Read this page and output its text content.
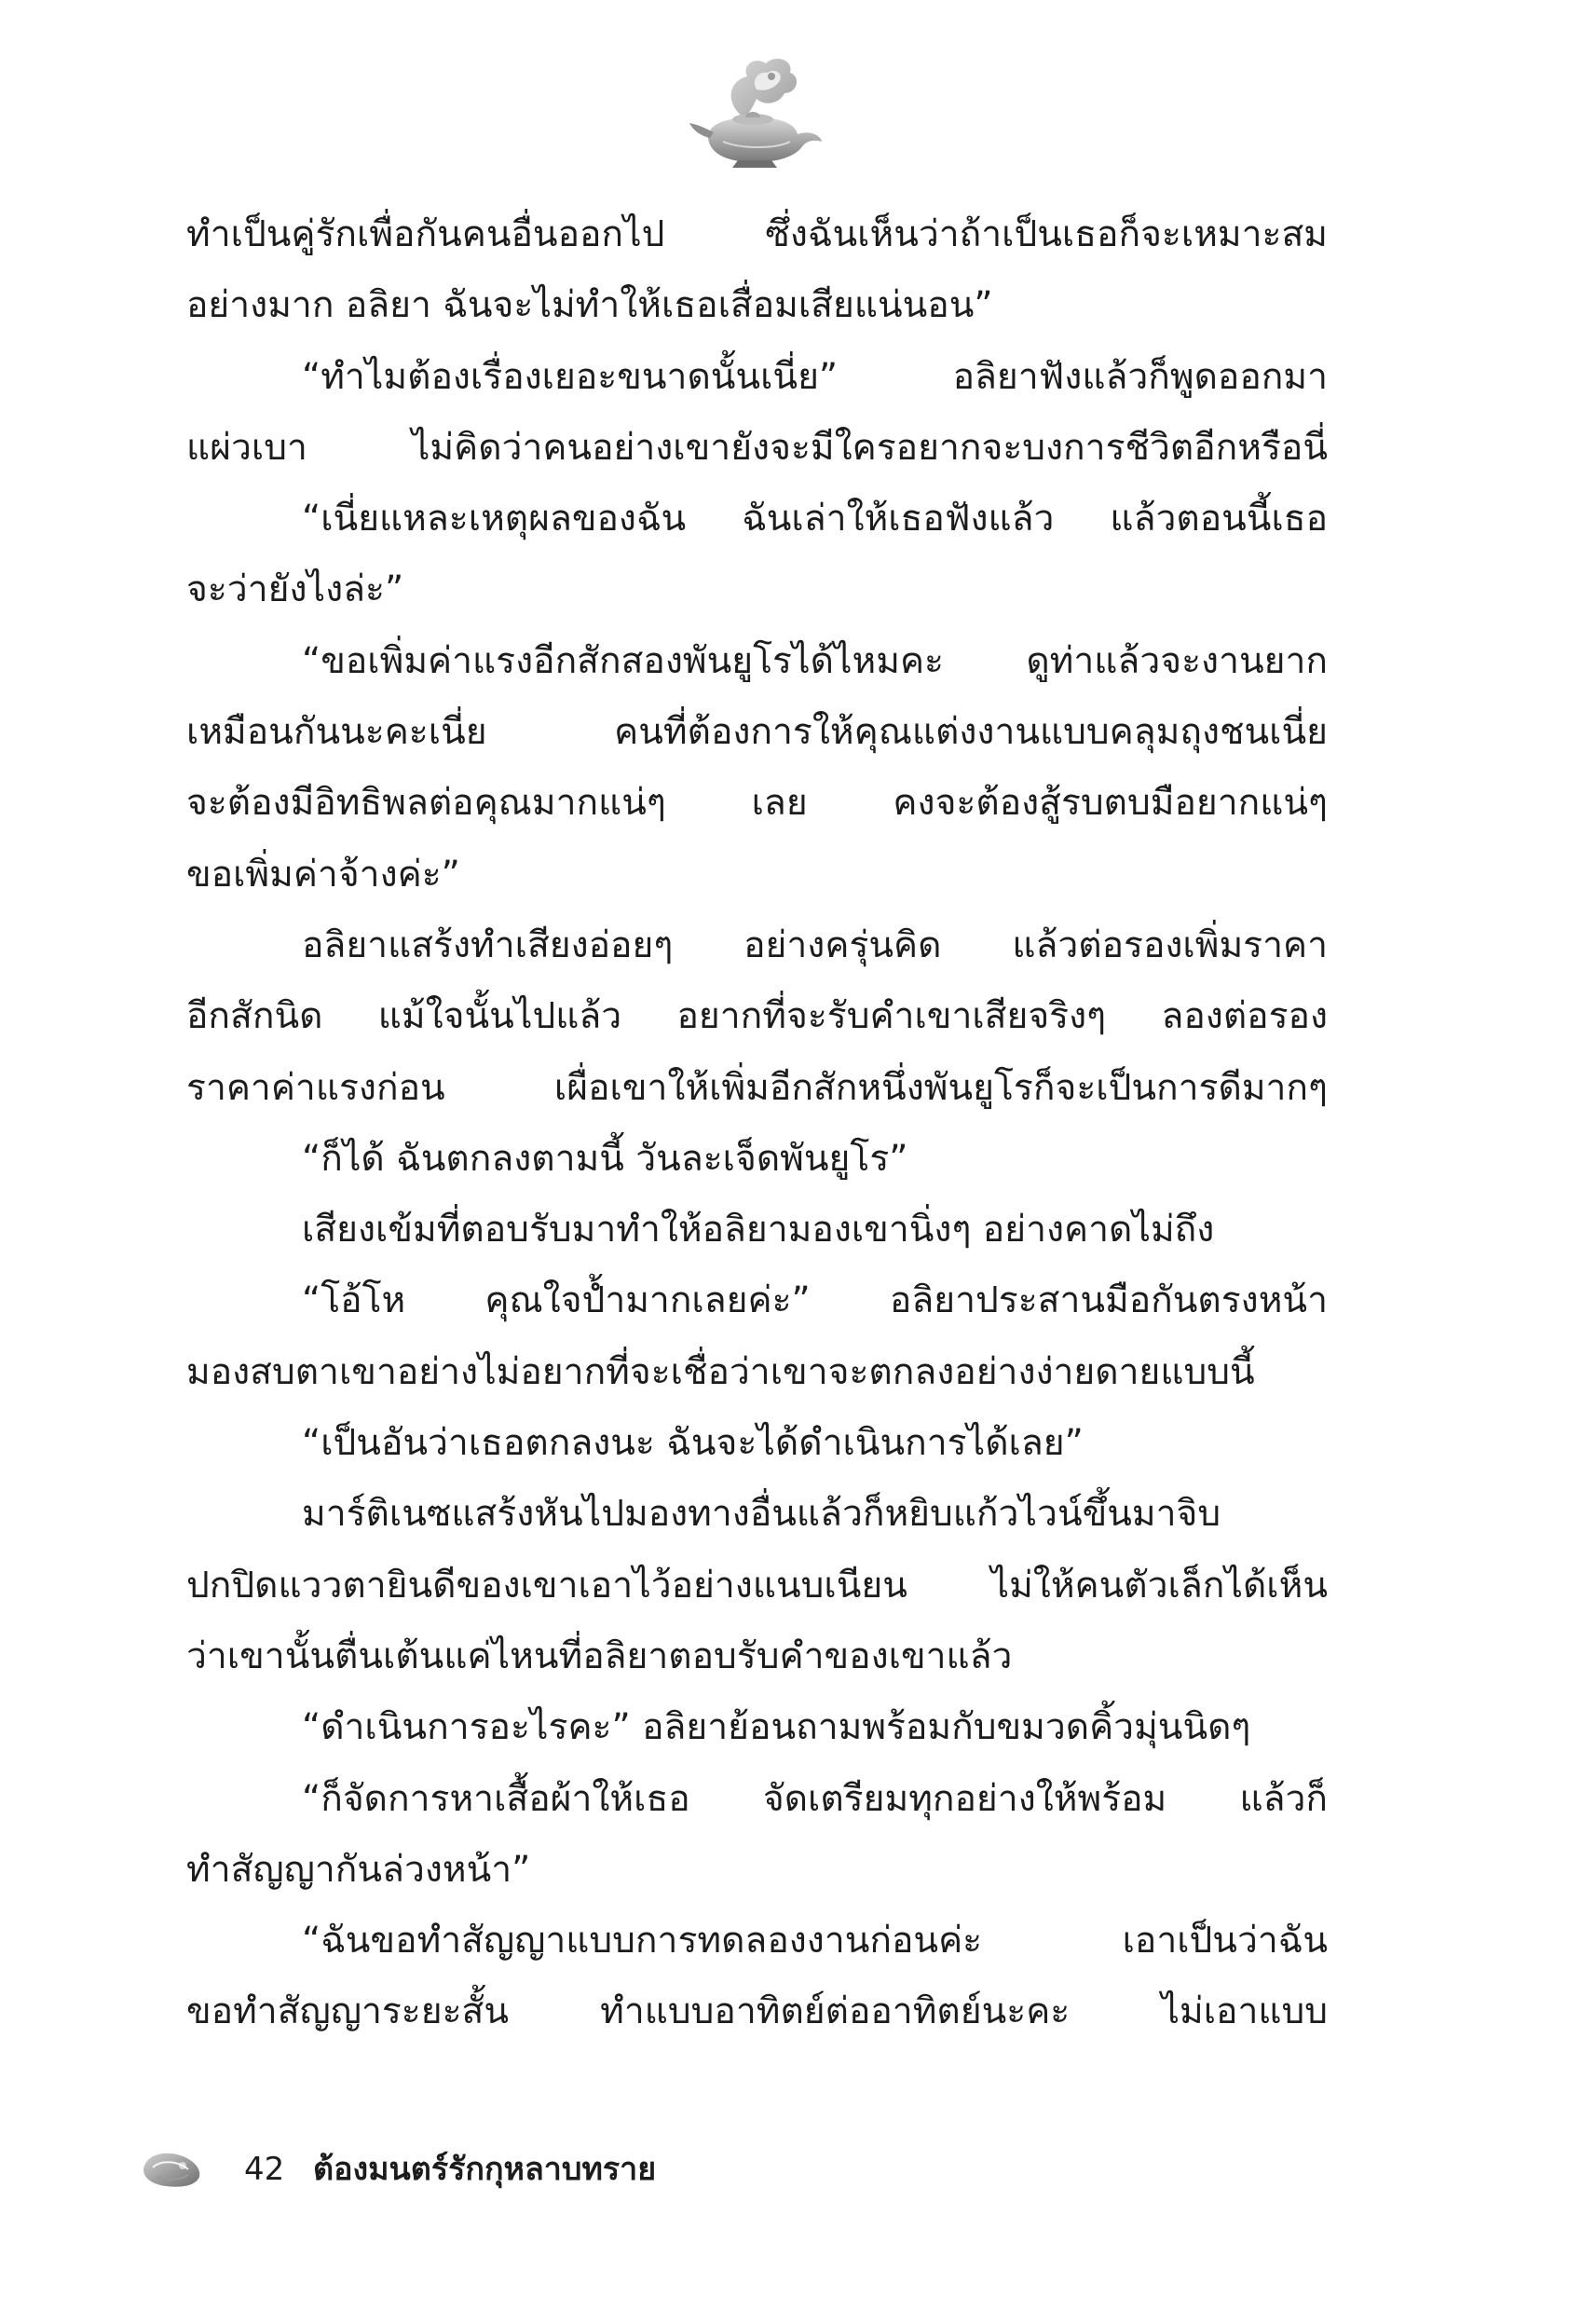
ทำเป็นคู่รักเพื่อกันคนอื่นออกไป ซึ่งฉันเห็นว่าถ้าเป็นเธอก็จะเหมาะสม
อย่างมาก อลิยา ฉันจะไม่ทำให้เธอเสื่อมเสียแน่นอน”
“ทำไมต้องเรื่องเยอะขนาดนั้นเนี่ย” อลิยาฟังแล้วก็พูดออกมา
แผ่วเบา ไม่คิดว่าคนอย่างเขายังจะมีใครอยากจะบงการชีวิตอีกหรือนี่
“เนี่ยแหละเหตุผลของฉัน ฉันเล่าให้เธอฟังแล้ว แล้วตอนนี้เธอ
จะว่ายังไงล่ะ”
“ขอเพิ่มค่าแรงอีกสักสองพันยูโรได้ไหมคะ ดูท่าแล้วจะงานยาก
เหมือนกันนะคะเนี่ย คนที่ต้องการให้คุณแต่งงานแบบคลุมถุงชนเนี่ย
จะต้องมีอิทธิพลต่อคุณมากแน่ๆ เลย คงจะต้องสู้รบตบมือยากแน่ๆ
ขอเพิ่มค่าจ้างค่ะ”
อลิยาแสร้งทำเสียงอ่อยๆ อย่างครุ่นคิด แล้วต่อรองเพิ่มราคา
อีกสักนิด แม้ใจนั้นไปแล้ว อยากที่จะรับคำเขาเสียจริงๆ ลองต่อรอง
ราคาค่าแรงก่อน เผื่อเขาให้เพิ่มอีกสักหนึ่งพันยูโรก็จะเป็นการดีมากๆ
“ก็ได้ ฉันตกลงตามนี้ วันละเจ็ดพันยูโร”
เสียงเข้มที่ตอบรับมาทำให้อลิยามองเขานิ่งๆ อย่างคาดไม่ถึง
“โอ้โห คุณใจป้ำมากเลยค่ะ” อลิยาประสานมือกันตรงหน้า
มองสบตาเขาอย่างไม่อยากที่จะเชื่อว่าเขาจะตกลงอย่างง่ายดายแบบนี้
“เป็นอันว่าเธอตกลงนะ ฉันจะได้ดำเนินการได้เลย”
มาร์ติเนซแสร้งหันไปมองทางอื่นแล้วก็หยิบแก้วไวน์ขึ้นมาจิบ
ปกปิดแววตายินดีของเขาเอาไว้อย่างแนบเนียน ไม่ให้คนตัวเล็กได้เห็น
ว่าเขานั้นตื่นเต้นแค่ไหนที่อลิยาตอบรับคำของเขาแล้ว
“ดำเนินการอะไรคะ” อลิยาย้อนถามพร้อมกับขมวดคิ้วมุ่นนิดๆ
“ก็จัดการหาเสื้อผ้าให้เธอ จัดเตรียมทุกอย่างให้พร้อม แล้วก็
ทำสัญญากันล่วงหน้า”
“ฉันขอทำสัญญาแบบการทดลองงานก่อนค่ะ เอาเป็นว่าฉัน
ขอทำสัญญาระยะสั้น ทำแบบอาทิตย์ต่ออาทิตย์นะคะ ไม่เอาแบบ
42 ต้องมนตร์รักกุหลาบทราย
